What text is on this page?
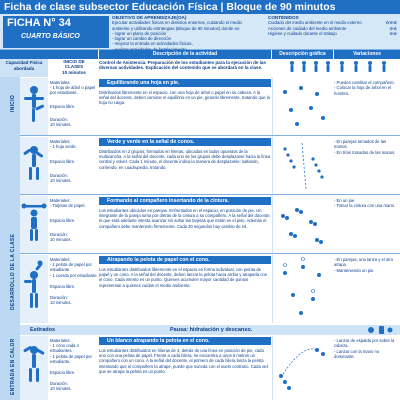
Ficha de clase subsector Educación Física | Bloque de 90 minutos
FICHA N° 34
CUARTO BÁSICO
OBJETIVO DE APRENDIZAJE(OA)
Ejecutar actividades físicas en distintos entornos, cuidando el medio
ambiente y utilizando estrategias (Bloque de 90 minutos) donde se:
- lograr un plano de posición
- lograr un cambio de dirección
- mejorar la entrada en actividades físicas,
CONTENIDOS
Cuidado del medio ambiente en el medio externo	☆☆☆
Acciones de cuidado del medio ambiente	☆☆
Higiene y cuidado durante el trabajo	☆☆
Descripción de la actividad	Descripción gráfica	Variaciones
Capacidad Física abordada
INICIO
DESARROLLO DE LA CLASE
ENTRADA EN CALOR
INICIO DE
CLASES
10 minutos
Control de Asistencia. Preparación de los estudiantes para la ejecución de las diversas actividades. Explicación del contenido que se abordará en la clase.
Materiales:
- 1 hoja de árbol o papel por estudiante.
Espacio libre.
Duración:
10 minutos.
Equilibrando una hoja en pie.
Distribuidos libremente en el espacio, con una hoja de árbol o papel en su cabeza. A la señal del docente, deben caminar el equilibrio en un pie, girando libremente, tratando que la hoja no caiga.
- Pueden cambiar el compañero.
- Colocar la hoja de árbol en el hombro.
Materiales:
- 1 hoja verde.
Espacio libre.
Duración:
10 minutos.
Verde y verde en la señal de conos.
Distribuidos en 2 grupos, formados en hileras, ubicados en lados opuestos de la multicancha. A la señal del docente, cada uno de los grupos debe desplazarse hacia la línea central y volver. Cada 1 minuto, el docente indica la manera de desplazarse: saltando, corriendo, en cuadrupedia, trotando.
- En parejas tomados de las manos.
- En tríos tomados de las manos.
Materiales:
- Tarjetas de papel.
Espacio libre.
Duración:
10 minutos.
Formando al compañero insertando de la cintura.
Los estudiantes ubicados en parejas. Enfrentados en el espacio, en posición de pie. Un integrante de la pareja toma por detrás de la cintura a su compañero. A la señal del docente, el que está adelante intenta avanzar sin soltar las tarjetas que están en el piso. Además el compañero debe mantenerlo firmemente. Cada 30 segundos hay cambio de rol.
- En un pie.
- Tomar la cintura con una mano.
Materiales:
- 1 pelota de papel por estudiante.
- 1 cuerda por estudiante.
Espacio libre.
Duración:
10 minutos.
Atrapando la pelota de papel con el cono.
Los estudiantes distribuidos libremente en el espacio en forma individual, con pelota de papel y un cono. A la señal del docente, deben lanzar la pelota hacia arriba y atraparla con el cono. Cada intento es un punto. Quienes acumulen mayor cantidad de puntos representan a quienes cuidan el medio ambiente.
- En parejas, una lanza y el otro atrapa.
- Manteniendo un pie.
Estirados	Pausa: hidratación y descanso.
Materiales:
- 1 cono cada 4 estudiantes.
- 1 pelota de papel por estudiante.
Espacio libre.
Duración:
10 minutos.
Un blanco atrapando la pelota en el cono.
Los estudiantes distribuidos en hileras de 4, detrás de una línea en posición de pie, cada uno con una pelota de papel. Frente a cada hilera, se encuentra a unos 5 metros un compañero con un cono. A la señal del docente, el primero de cada hilera lanza la pelota intentando que el compañero la atrape, puede que suceda con el suelo contrario. Cada vez que se atrapa la pelota es un punto.
- Lanzar de espalda por sobre la cabeza.
- Lanzar con la mano no dominante.
